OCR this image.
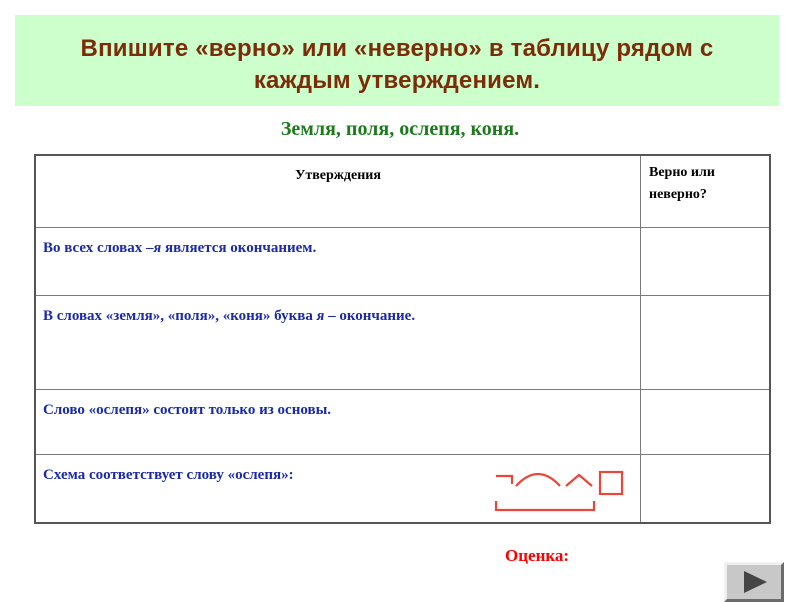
Впишите «верно» или «неверно» в таблицу рядом с
каждым утверждением.
Земля, поля, ослепя, коня.
Утверждения	Верно или
неверно?
Во всех словах –я является окончанием.
В словах «земля», «поля», «коня» буква я – окончание.
Слово «ослепя» состоит только из основы.
Схема соответствует слову «ослепя»:
Оценка:
